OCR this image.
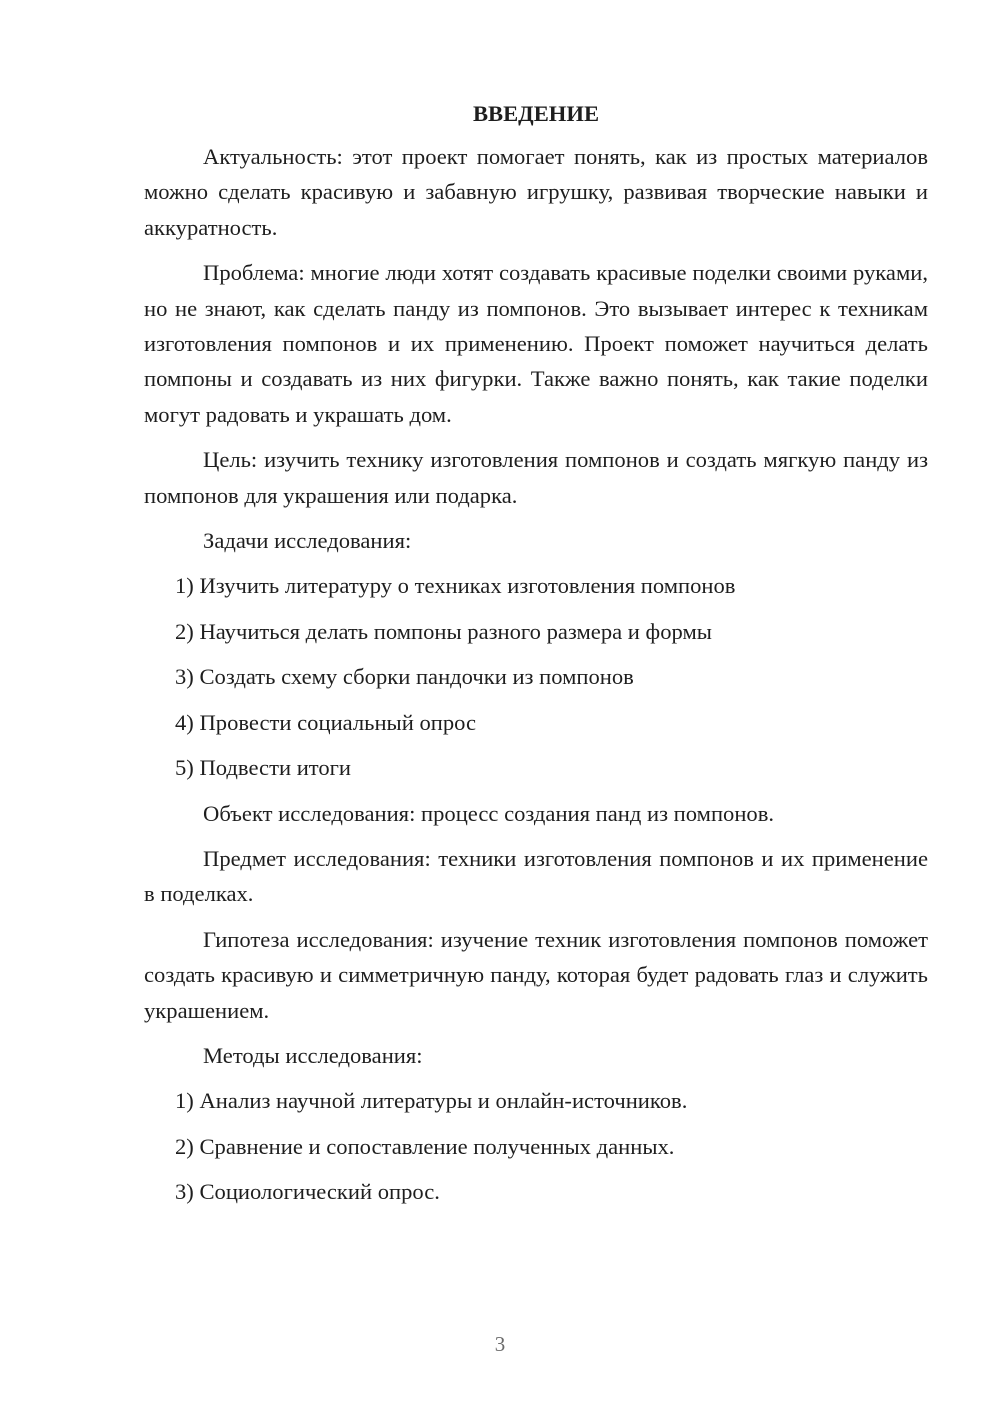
ВВЕДЕНИЕ

Актуальность: этот проект помогает понять, как из простых материалов можно сделать красивую и забавную игрушку, развивая творческие навыки и аккуратность.

Проблема: многие люди хотят создавать красивые поделки своими руками, но не знают, как сделать панду из помпонов. Это вызывает интерес к техникам изготовления помпонов и их применению. Проект поможет научиться делать помпоны и создавать из них фигурки. Также важно понять, как такие поделки могут радовать и украшать дом.

Цель: изучить технику изготовления помпонов и создать мягкую панду из помпонов для украшения или подарка.

Задачи исследования:
1) Изучить литературу о техниках изготовления помпонов
2) Научиться делать помпоны разного размера и формы
3) Создать схему сборки пандочки из помпонов
4) Провести социальный опрос
5) Подвести итоги

Объект исследования: процесс создания панд из помпонов.

Предмет исследования: техники изготовления помпонов и их применение в поделках.

Гипотеза исследования: изучение техник изготовления помпонов поможет создать красивую и симметричную панду, которая будет радовать глаз и служить украшением.

Методы исследования:
1) Анализ научной литературы и онлайн-источников.
2) Сравнение и сопоставление полученных данных.
3) Социологический опрос.
3
